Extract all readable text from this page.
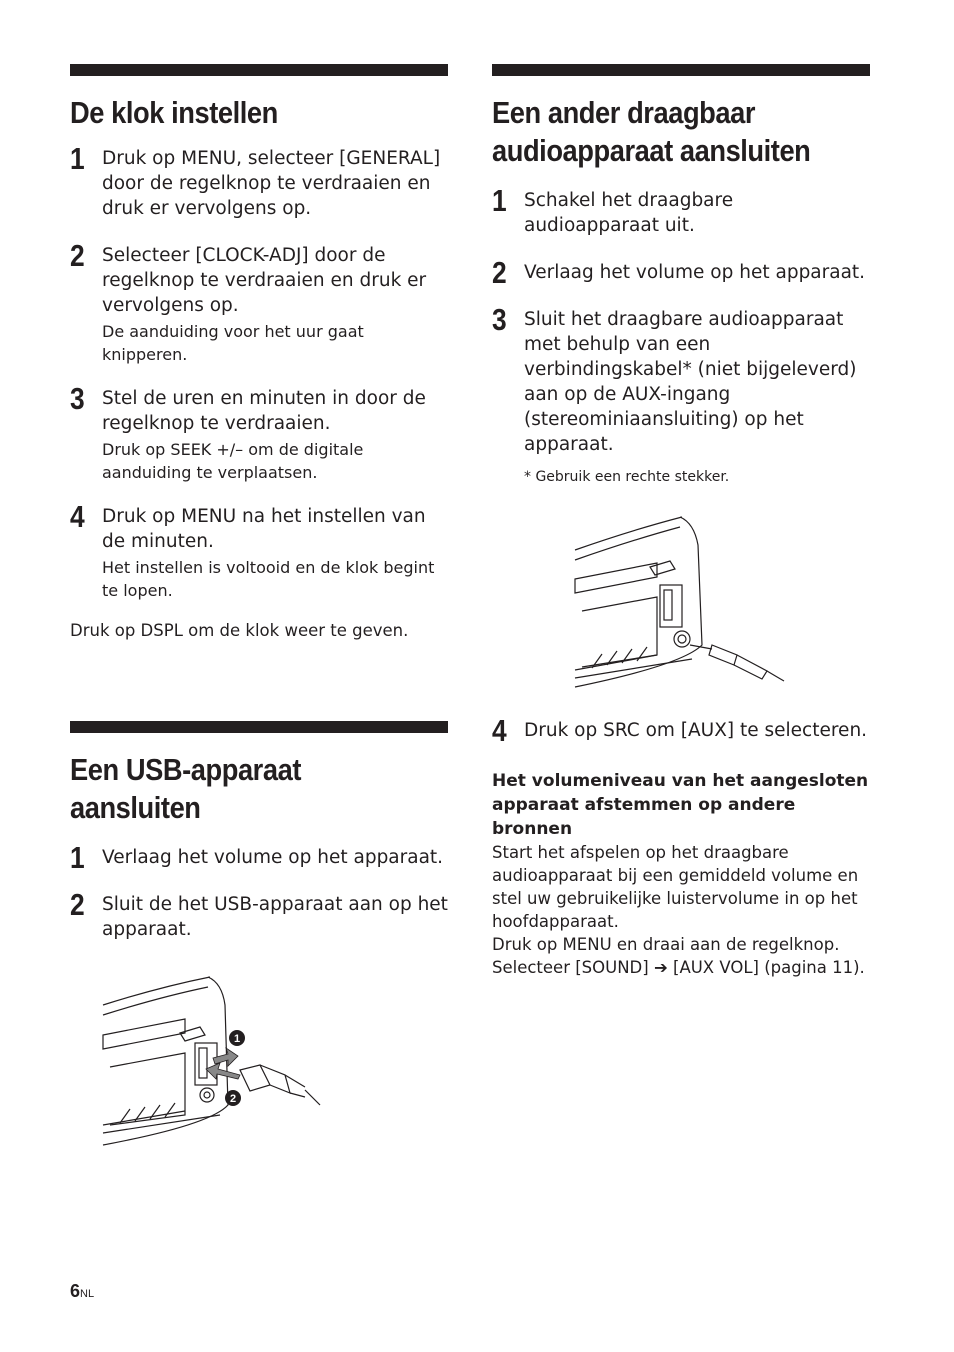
De klok instellen
1 Druk op MENU, selecteer [GENERAL] door de regelknop te verdraaien en druk er vervolgens op.
2 Selecteer [CLOCK-ADJ] door de regelknop te verdraaien en druk er vervolgens op.
De aanduiding voor het uur gaat knipperen.
3 Stel de uren en minuten in door de regelknop te verdraaien.
Druk op SEEK +/– om de digitale aanduiding te verplaatsen.
4 Druk op MENU na het instellen van de minuten.
Het instellen is voltooid en de klok begint te lopen.
Druk op DSPL om de klok weer te geven.
Een USB-apparaat
aansluiten
1 Verlaag het volume op het apparaat.
2 Sluit de het USB-apparaat aan op het apparaat.
1
2
Een ander draagbaar
audioapparaat aansluiten
1 Schakel het draagbare audioapparaat uit.
2 Verlaag het volume op het apparaat.
3 Sluit het draagbare audioapparaat met behulp van een verbindingskabel* (niet bijgeleverd) aan op de AUX-ingang (stereominiaansluiting) op het apparaat.
* Gebruik een rechte stekker.
4 Druk op SRC om [AUX] te selecteren.
Het volumeniveau van het aangesloten apparaat afstemmen op andere bronnen
Start het afspelen op het draagbare audioapparaat bij een gemiddeld volume en stel uw gebruikelijke luistervolume in op het hoofdapparaat.
Druk op MENU en draai aan de regelknop.
Selecteer [SOUND] ➔ [AUX VOL] (pagina 11).
6NL
